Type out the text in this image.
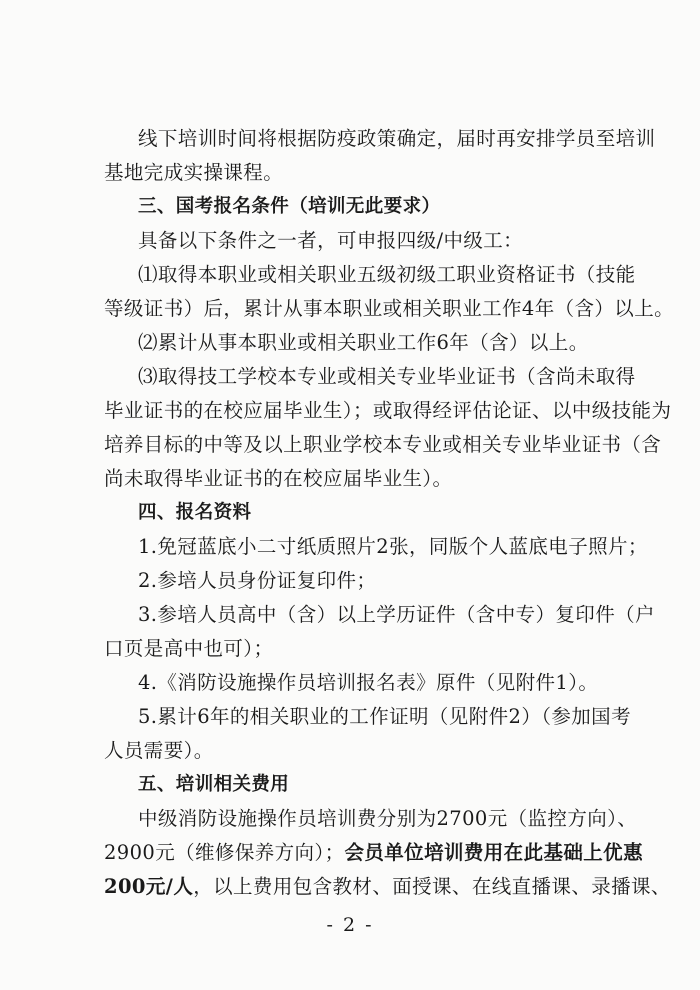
线下培训时间将根据防疫政策确定，届时再安排学员至培训

基地完成实操课程。

三、国考报名条件（培训无此要求）

具备以下条件之一者，可申报四级/中级工：

⑴取得本职业或相关职业五级初级工职业资格证书（技能

等级证书）后，累计从事本职业或相关职业工作4年（含）以上。

⑵累计从事本职业或相关职业工作6年（含）以上。

⑶取得技工学校本专业或相关专业毕业证书（含尚未取得

毕业证书的在校应届毕业生）；或取得经评估论证、以中级技能为

培养目标的中等及以上职业学校本专业或相关专业毕业证书（含

尚未取得毕业证书的在校应届毕业生）。

四、报名资料

1.免冠蓝底小二寸纸质照片2张，同版个人蓝底电子照片；

2.参培人员身份证复印件；

3.参培人员高中（含）以上学历证件（含中专）复印件（户

口页是高中也可）；

4.《消防设施操作员培训报名表》原件（见附件1）。

5.累计6年的相关职业的工作证明（见附件2）（参加国考

人员需要）。

五、培训相关费用

中级消防设施操作员培训费分别为2700元（监控方向）、

2900元（维修保养方向）；会员单位培训费用在此基础上优惠

200元/人，以上费用包含教材、面授课、在线直播课、录播课、

- 2 -
